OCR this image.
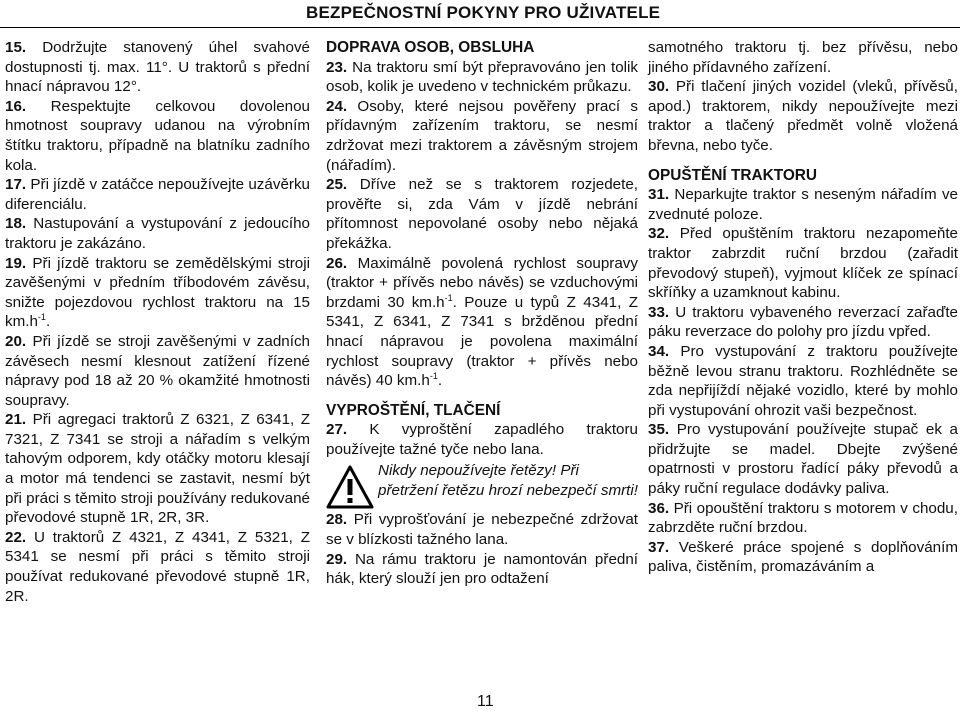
BEZPEČNOSTNÍ POKYNY PRO UŽIVATELE

15. Dodržujte stanovený úhel svahové dostupnosti tj. max. 11°. U traktorů s přední hnací nápravou 12°.

16. Respektujte celkovou dovolenou hmotnost soupravy udanou na výrobním štítku traktoru, případně na blatníku zadního kola.

17. Při jízdě v zatáčce nepoužívejte uzávěrku diferenciálu.

18. Nastupování a vystupování z jedoucího traktoru je zakázáno.

19. Při jízdě traktoru se zemědělskými stroji zavěšenými v předním tříbodovém závěsu, snižte pojezdovou rychlost traktoru na 15 $km.h^{-1}$.

20. Při jízdě se stroji zavěšenými v zadních závěsech nesmí klesnout zatížení řízené nápravy pod 18 až 20 % okamžité hmotnosti soupravy.

21. Při agregaci traktorů Z 6321, Z 6341, Z 7321, Z 7341 se stroji a nářadím s velkým tahovým odporem, kdy otáčky motoru klesají a motor má tendenci se zastavit, nesmí být při práci s těmito stroji používány redukované převodové stupně 1R, 2R, 3R.

22. U traktorů Z 4321, Z 4341, Z 5321, Z 5341 se nesmí při práci s těmito stroji používat redukované převodové stupně 1R, 2R.

DOPRAVA OSOB, OBSLUHA

23. Na traktoru smí být přepravováno jen tolik osob, kolik je uvedeno v technickém průkazu.

24. Osoby, které nejsou pověřeny prací s přídavným zařízením traktoru, se nesmí zdržovat mezi traktorem a závěsným strojem (nářadím).

25. Dříve než se s traktorem rozjedete, prověřte si, zda Vám v jízdě nebrání přítomnost nepovolané osoby nebo nějaká překážka.

26. Maximálně povolená rychlost soupravy (traktor + přívěs nebo návěs) se vzduchovými brzdami 30 $km.h^{-1}$. Pouze u typů Z 4341, Z 5341, Z 6341, Z 7341 s bržděnou přední hnací nápravou je povolena maximální rychlost soupravy (traktor + přívěs nebo návěs) 40 $km.h^{-1}$.

VYPROŠTĚNÍ, TLAČENÍ

27. K vyproštění zapadlého traktoru používejte tažné tyče nebo lana.

Nikdy nepoužívejte řetězy! Při přetržení řetězu hrozí nebezpečí smrti!

28. Při vyprošťování je nebezpečné zdržovat se v blízkosti tažného lana.

29. Na rámu traktoru je namontován přední hák, který slouží jen pro odtažení

samotného traktoru tj. bez přívěsu, nebo jiného přídavného zařízení.

30. Při tlačení jiných vozidel (vleků, přívěsů, apod.) traktorem, nikdy nepoužívejte mezi traktor a tlačený předmět volně vložená břevna, nebo tyče.

OPUŠTĚNÍ TRAKTORU

31. Neparkujte traktor s neseným nářadím ve zvednuté poloze.

32. Před opuštěním traktoru nezapomeňte traktor zabrzdit ruční brzdou (zařadit převodový stupeň), vyjmout klíček ze spínací skříňky a uzamknout kabinu.

33. U traktoru vybaveného reverzací zařaďte páku reverzace do polohy pro jízdu vpřed.

34. Pro vystupování z traktoru používejte běžně levou stranu traktoru. Rozhlédněte se zda nepřijíždí nějaké vozidlo, které by mohlo při vystupování ohrozit vaši bezpečnost.

35. Pro vystupování používejte stupač ek a přidržujte se madel. Dbejte zvýšené opatrnosti v prostoru řadící páky převodů a páky ruční regulace dodávky paliva.

36. Při opouštění traktoru s motorem v chodu, zabrzděte ruční brzdou.

37. Veškeré práce spojené s doplňováním paliva, čistěním, promazáváním a

11
